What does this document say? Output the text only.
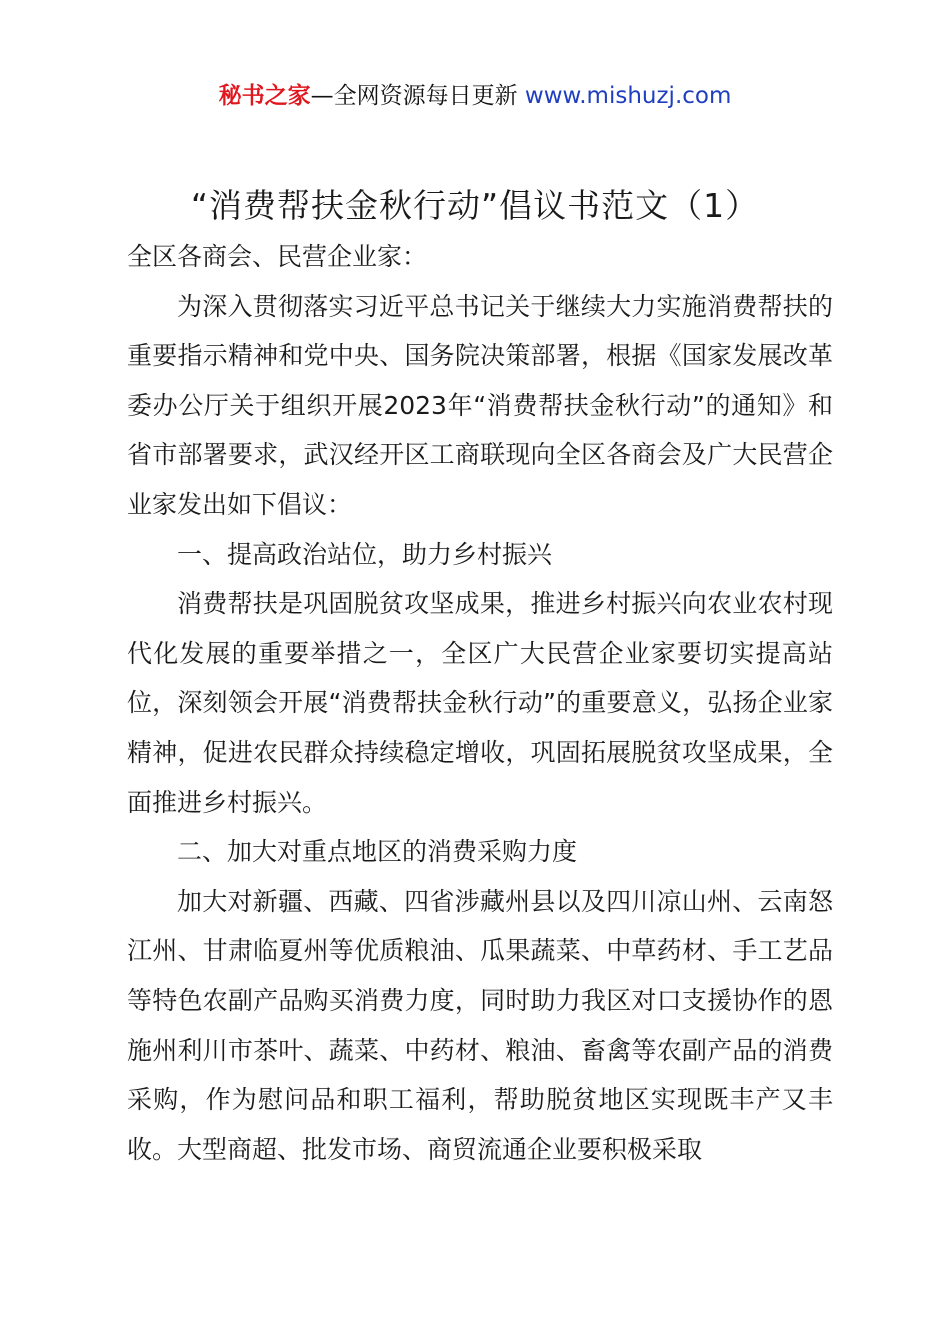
秘书之家—全网资源每日更新 www.mishuzj.com
“消费帮扶金秋行动”倡议书范文（1）

全区各商会、民营企业家：

为深入贯彻落实习近平总书记关于继续大力实施消费帮扶的重要指示精神和党中央、国务院决策部署，根据《国家发展改革委办公厅关于组织开展2023年“消费帮扶金秋行动”的通知》和省市部署要求，武汉经开区工商联现向全区各商会及广大民营企业家发出如下倡议：

一、提高政治站位，助力乡村振兴

消费帮扶是巩固脱贫攻坚成果，推进乡村振兴向农业农村现代化发展的重要举措之一，全区广大民营企业家要切实提高站位，深刻领会开展“消费帮扶金秋行动”的重要意义，弘扬企业家精神，促进农民群众持续稳定增收，巩固拓展脱贫攻坚成果，全面推进乡村振兴。

二、加大对重点地区的消费采购力度

加大对新疆、西藏、四省涉藏州县以及四川凉山州、云南怒江州、甘肃临夏州等优质粮油、瓜果蔬菜、中草药材、手工艺品等特色农副产品购买消费力度，同时助力我区对口支援协作的恩施州利川市茶叶、蔬菜、中药材、粮油、畜禽等农副产品的消费采购，作为慰问品和职工福利，帮助脱贫地区实现既丰产又丰收。大型商超、批发市场、商贸流通企业要积极采取
